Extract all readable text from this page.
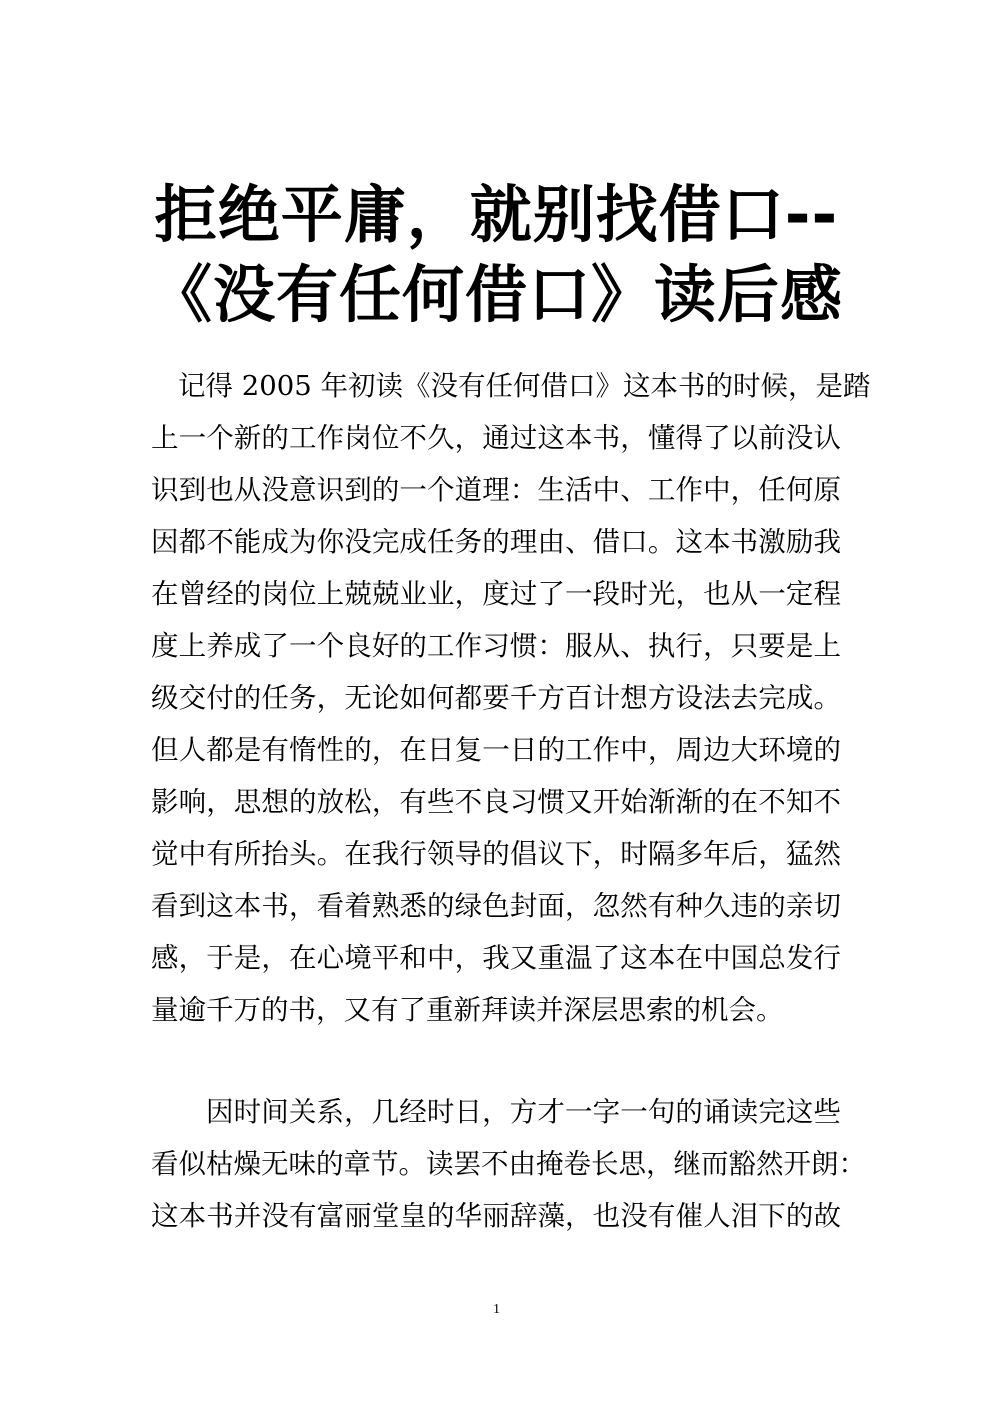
拒绝平庸，就别找借口--
《没有任何借口》读后感
记得 2005 年初读《没有任何借口》这本书的时候，是踏
上一个新的工作岗位不久，通过这本书，懂得了以前没认
识到也从没意识到的一个道理：生活中、工作中，任何原
因都不能成为你没完成任务的理由、借口。这本书激励我
在曾经的岗位上兢兢业业，度过了一段时光，也从一定程
度上养成了一个良好的工作习惯：服从、执行，只要是上
级交付的任务，无论如何都要千方百计想方设法去完成。
但人都是有惰性的，在日复一日的工作中，周边大环境的
影响，思想的放松，有些不良习惯又开始渐渐的在不知不
觉中有所抬头。在我行领导的倡议下，时隔多年后，猛然
看到这本书，看着熟悉的绿色封面，忽然有种久违的亲切
感，于是，在心境平和中，我又重温了这本在中国总发行
量逾千万的书，又有了重新拜读并深层思索的机会。
因时间关系，几经时日，方才一字一句的诵读完这些
看似枯燥无味的章节。读罢不由掩卷长思，继而豁然开朗：
这本书并没有富丽堂皇的华丽辞藻，也没有催人泪下的故
1
